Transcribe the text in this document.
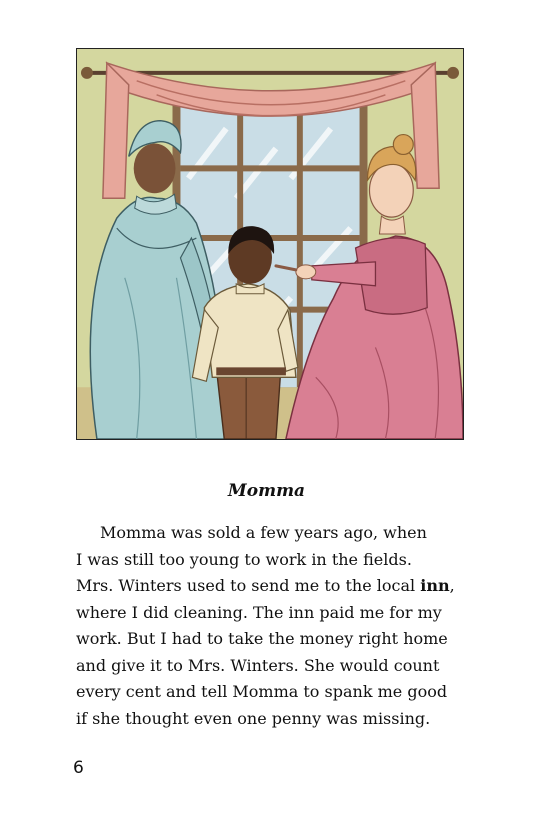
Momma
Momma was sold a few years ago, when
I was still too young to work in the fields.
Mrs. Winters used to send me to the local inn,
where I did cleaning. The inn paid me for my
work. But I had to take the money right home
and give it to Mrs. Winters. She would count
every cent and tell Momma to spank me good
if she thought even one penny was missing.
6
